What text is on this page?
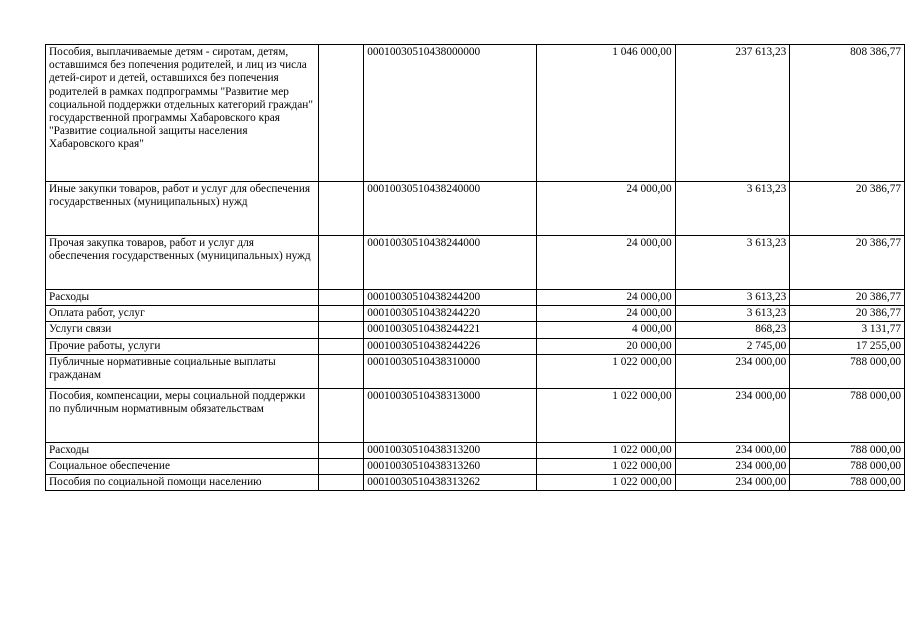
Пособия, выплачиваемые детям - сиротам, детям, оставшимся без попечения родителей, и лиц из числа детей-сирот и детей, оставшихся без попечения родителей в рамках подпрограммы "Развитие мер социальной поддержки отдельных категорий граждан" государственной программы Хабаровского края "Развитие социальной защиты населения Хабаровского края"		00010030510438000000	1 046 000,00	237 613,23	808 386,77
Иные закупки товаров, работ и услуг для обеспечения государственных (муниципальных) нужд		00010030510438240000	24 000,00	3 613,23	20 386,77
Прочая закупка товаров, работ и услуг для обеспечения государственных (муниципальных) нужд		00010030510438244000	24 000,00	3 613,23	20 386,77
Расходы		00010030510438244200	24 000,00	3 613,23	20 386,77
Оплата работ, услуг		00010030510438244220	24 000,00	3 613,23	20 386,77
Услуги связи		00010030510438244221	4 000,00	868,23	3 131,77
Прочие работы, услуги		00010030510438244226	20 000,00	2 745,00	17 255,00
Публичные нормативные социальные выплаты гражданам		00010030510438310000	1 022 000,00	234 000,00	788 000,00
Пособия, компенсации, меры социальной поддержки по публичным нормативным обязательствам		00010030510438313000	1 022 000,00	234 000,00	788 000,00
Расходы		00010030510438313200	1 022 000,00	234 000,00	788 000,00
Социальное обеспечение		00010030510438313260	1 022 000,00	234 000,00	788 000,00
Пособия по социальной помощи населению		00010030510438313262	1 022 000,00	234 000,00	788 000,00
